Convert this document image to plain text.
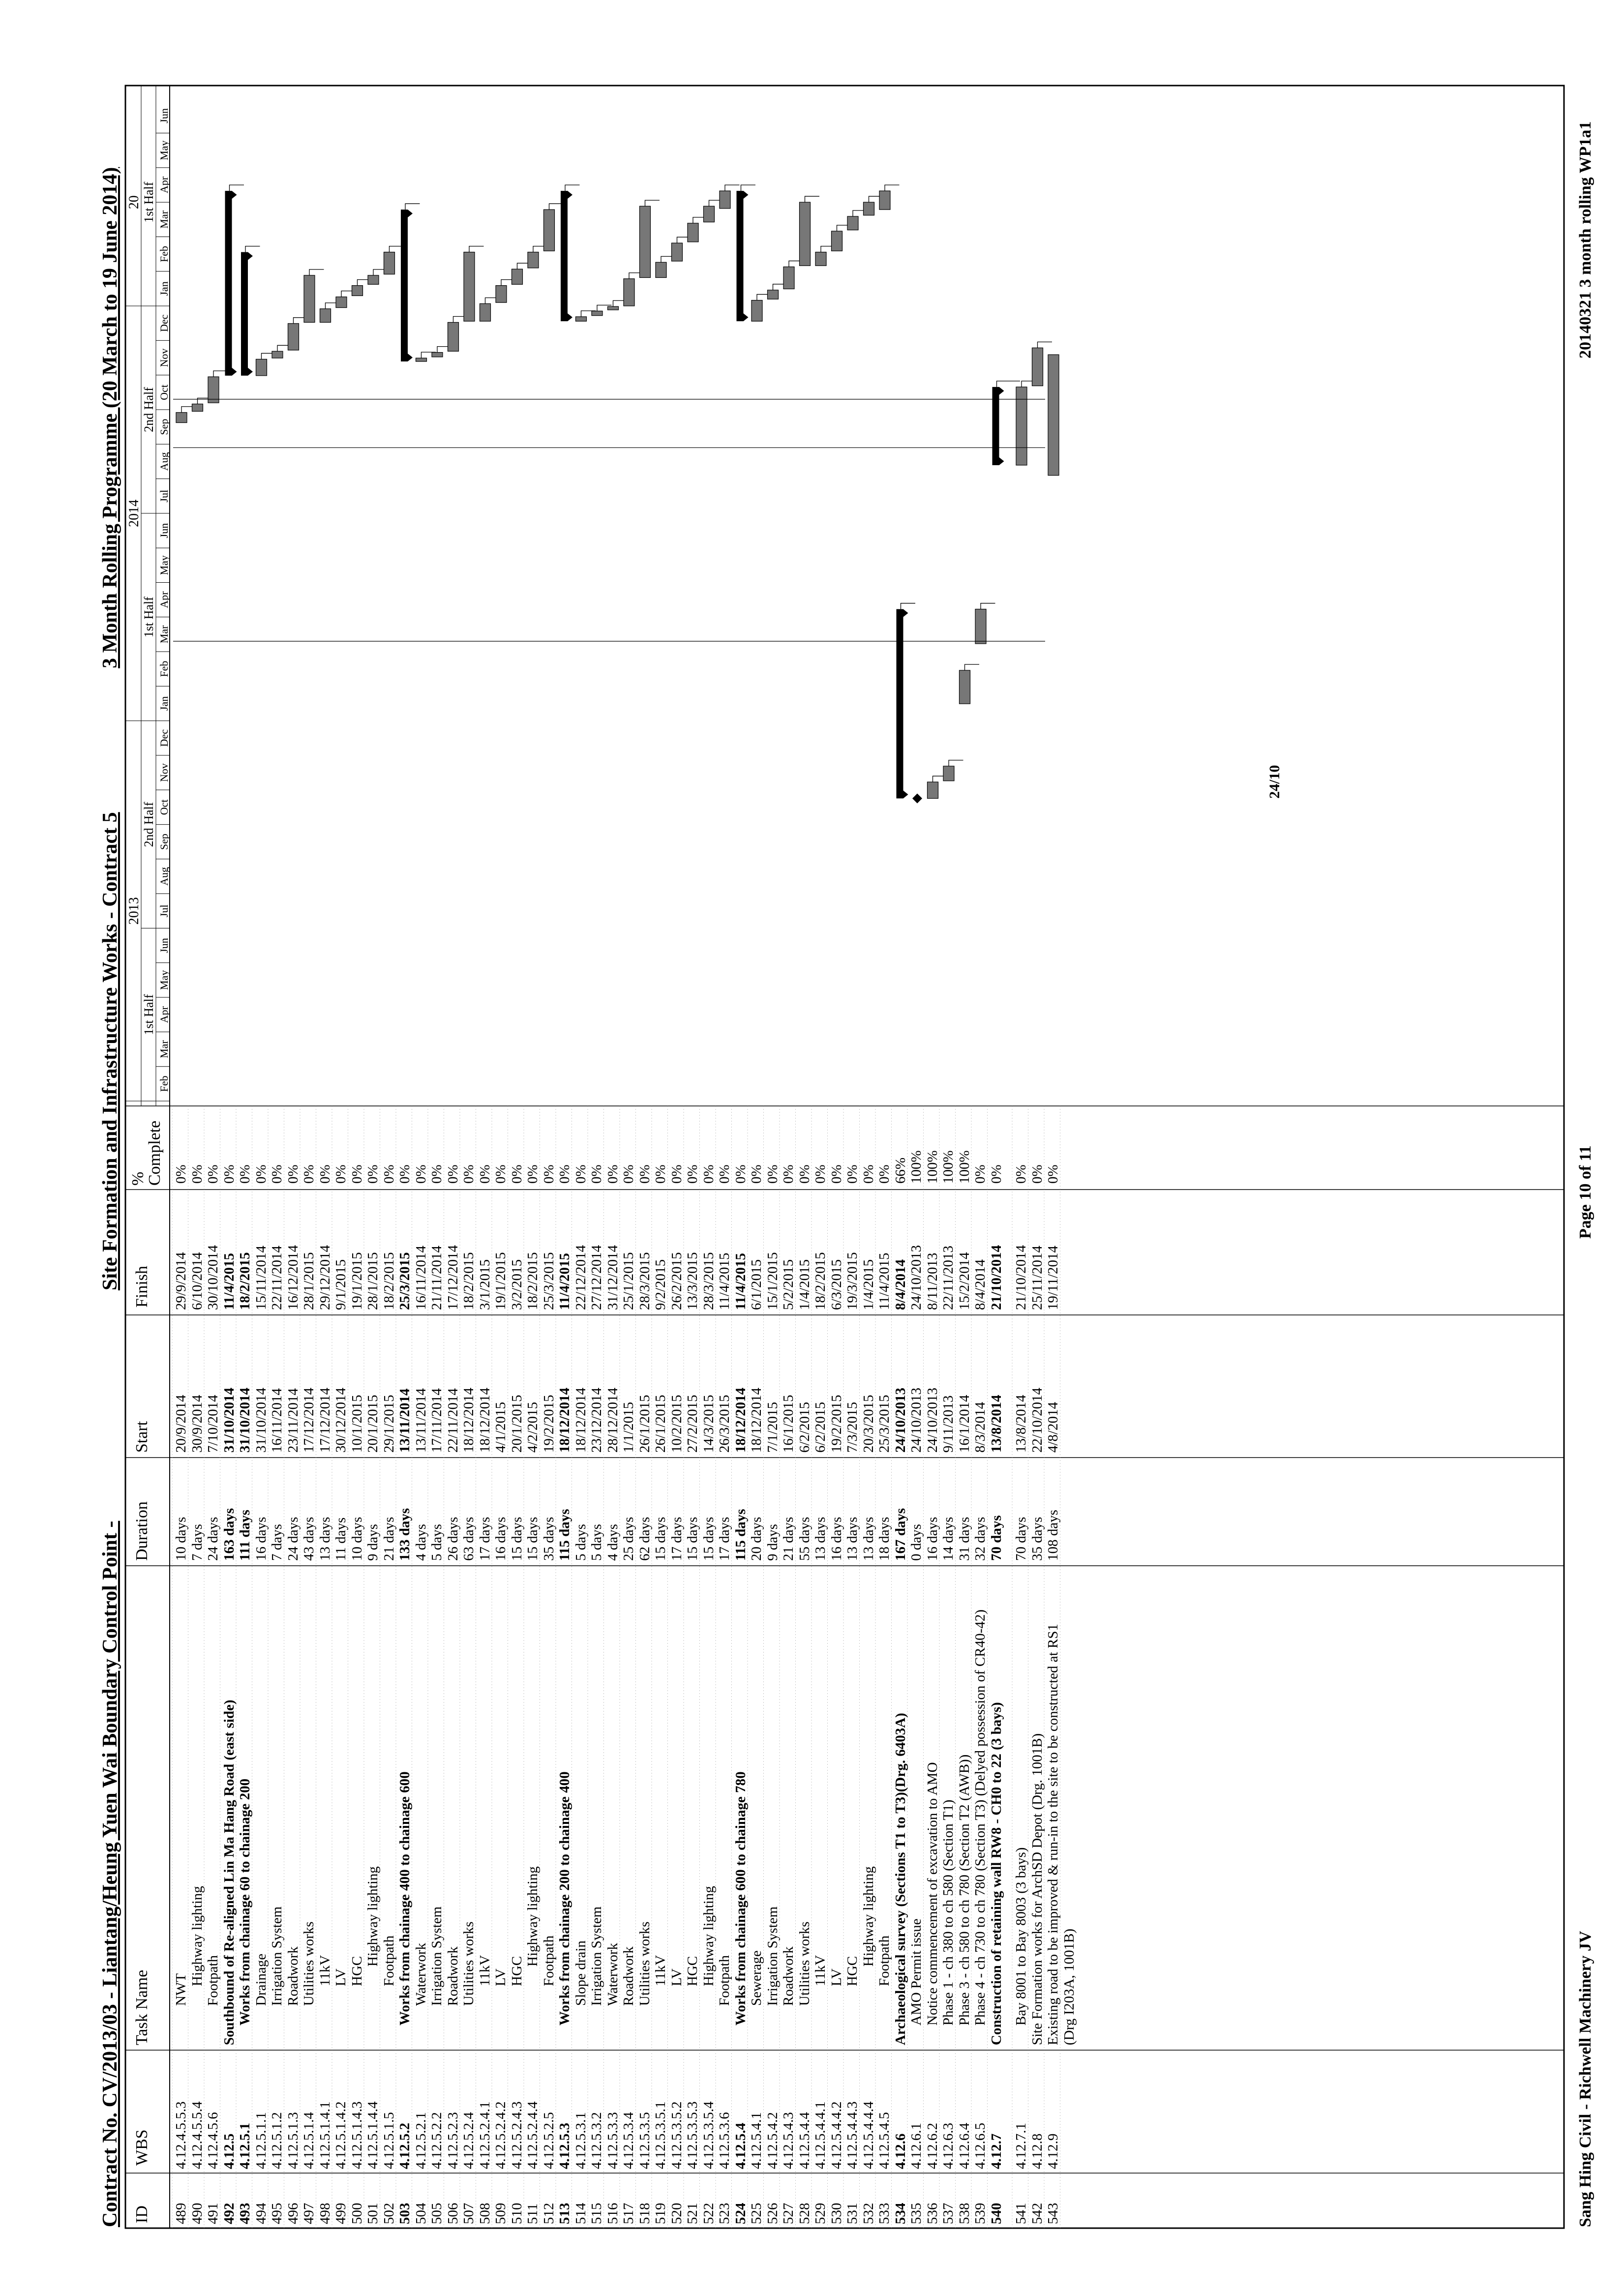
Contract No. CV/2013/03 - Liantang/Heung Yuen Wai Boundary Control Point -
Site Formation and Infrastructure Works - Contract 5
3 Month Rolling Programme (20 March to 19 June 2014)
ID
WBS
Task Name
Duration
Start
Finish
%
Complete
2013
2014
20
1st Half
2nd Half
1st Half
2nd Half
1st Half
Feb
Mar
Apr
May
Jun
Jul
Aug
Sep
Oct
Nov
Dec
Jan
Feb
Mar
Apr
May
Jun
Jul
Aug
Sep
Oct
Nov
Dec
Jan
Feb
Mar
Apr
May
Jun
489
4.12.4.5.5.3
NWT
10 days
20/9/2014
29/9/2014
0%
490
4.12.4.5.5.4
Highway lighting
7 days
30/9/2014
6/10/2014
0%
491
4.12.4.5.6
Footpath
24 days
7/10/2014
30/10/2014
0%
492
4.12.5
Southbound of Re-aligned Lin Ma Hang Road (east side)
163 days
31/10/2014
11/4/2015
0%
493
4.12.5.1
Works from chainage 60 to chainage 200
111 days
31/10/2014
18/2/2015
0%
494
4.12.5.1.1
Drainage
16 days
31/10/2014
15/11/2014
0%
495
4.12.5.1.2
Irrigation System
7 days
16/11/2014
22/11/2014
0%
496
4.12.5.1.3
Roadwork
24 days
23/11/2014
16/12/2014
0%
497
4.12.5.1.4
Utilities works
43 days
17/12/2014
28/1/2015
0%
498
4.12.5.1.4.1
11kV
13 days
17/12/2014
29/12/2014
0%
499
4.12.5.1.4.2
LV
11 days
30/12/2014
9/1/2015
0%
500
4.12.5.1.4.3
HGC
10 days
10/1/2015
19/1/2015
0%
501
4.12.5.1.4.4
Highway lighting
9 days
20/1/2015
28/1/2015
0%
502
4.12.5.1.5
Footpath
21 days
29/1/2015
18/2/2015
0%
503
4.12.5.2
Works from chainage 400 to chainage 600
133 days
13/11/2014
25/3/2015
0%
504
4.12.5.2.1
Waterwork
4 days
13/11/2014
16/11/2014
0%
505
4.12.5.2.2
Irrigation System
5 days
17/11/2014
21/11/2014
0%
506
4.12.5.2.3
Roadwork
26 days
22/11/2014
17/12/2014
0%
507
4.12.5.2.4
Utilities works
63 days
18/12/2014
18/2/2015
0%
508
4.12.5.2.4.1
11kV
17 days
18/12/2014
3/1/2015
0%
509
4.12.5.2.4.2
LV
16 days
4/1/2015
19/1/2015
0%
510
4.12.5.2.4.3
HGC
15 days
20/1/2015
3/2/2015
0%
511
4.12.5.2.4.4
Highway lighting
15 days
4/2/2015
18/2/2015
0%
512
4.12.5.2.5
Footpath
35 days
19/2/2015
25/3/2015
0%
513
4.12.5.3
Works from chainage 200 to chainage 400
115 days
18/12/2014
11/4/2015
0%
514
4.12.5.3.1
Slope drain
5 days
18/12/2014
22/12/2014
0%
515
4.12.5.3.2
Irrigation System
5 days
23/12/2014
27/12/2014
0%
516
4.12.5.3.3
Waterwork
4 days
28/12/2014
31/12/2014
0%
517
4.12.5.3.4
Roadwork
25 days
1/1/2015
25/1/2015
0%
518
4.12.5.3.5
Utilities works
62 days
26/1/2015
28/3/2015
0%
519
4.12.5.3.5.1
11kV
15 days
26/1/2015
9/2/2015
0%
520
4.12.5.3.5.2
LV
17 days
10/2/2015
26/2/2015
0%
521
4.12.5.3.5.3
HGC
15 days
27/2/2015
13/3/2015
0%
522
4.12.5.3.5.4
Highway lighting
15 days
14/3/2015
28/3/2015
0%
523
4.12.5.3.6
Footpath
17 days
26/3/2015
11/4/2015
0%
524
4.12.5.4
Works from chainage 600 to chainage 780
115 days
18/12/2014
11/4/2015
0%
525
4.12.5.4.1
Sewerage
20 days
18/12/2014
6/1/2015
0%
526
4.12.5.4.2
Irrigation System
9 days
7/1/2015
15/1/2015
0%
527
4.12.5.4.3
Roadwork
21 days
16/1/2015
5/2/2015
0%
528
4.12.5.4.4
Utilities works
55 days
6/2/2015
1/4/2015
0%
529
4.12.5.4.4.1
11kV
13 days
6/2/2015
18/2/2015
0%
530
4.12.5.4.4.2
LV
16 days
19/2/2015
6/3/2015
0%
531
4.12.5.4.4.3
HGC
13 days
7/3/2015
19/3/2015
0%
532
4.12.5.4.4.4
Highway lighting
13 days
20/3/2015
1/4/2015
0%
533
4.12.5.4.5
Footpath
18 days
25/3/2015
11/4/2015
0%
534
4.12.6
Archaeological survey (Sections T1 to T3)(Drg. 6403A)
167 days
24/10/2013
8/4/2014
66%
535
4.12.6.1
AMO Permit issue
0 days
24/10/2013
24/10/2013
100%
536
4.12.6.2
Notice commencement of excavation to AMO
16 days
24/10/2013
8/11/2013
100%
537
4.12.6.3
Phase 1 - ch 380 to ch 580 (Section T1)
14 days
9/11/2013
22/11/2013
100%
538
4.12.6.4
Phase 3 - ch 580 to ch 780 (Section T2 (AWB))
31 days
16/1/2014
15/2/2014
100%
539
4.12.6.5
Phase 4 - ch 730 to ch 780 (Section T3) (Delyed possession of CR40-42)
32 days
8/3/2014
8/4/2014
0%
540
4.12.7
Construction of retaining wall RW8 - CH0 to 22 (3 bays)
70 days
13/8/2014
21/10/2014
0%
541
4.12.7.1
Bay 8001 to Bay 8003 (3 bays)
70 days
13/8/2014
21/10/2014
0%
542
4.12.8
Site Formation works for ArchSD Depot (Drg. 1001B)
35 days
22/10/2014
25/11/2014
0%
543
4.12.9
Existing road to be improved & run-in to the site to be constructed at RS1 (Drg I203A, 1001B)
108 days
4/8/2014
19/11/2014
0%
24/10
Sang Hing Civil - Richwell Machinery JV
Page 10 of 11
20140321 3 month rolling WP1a1
